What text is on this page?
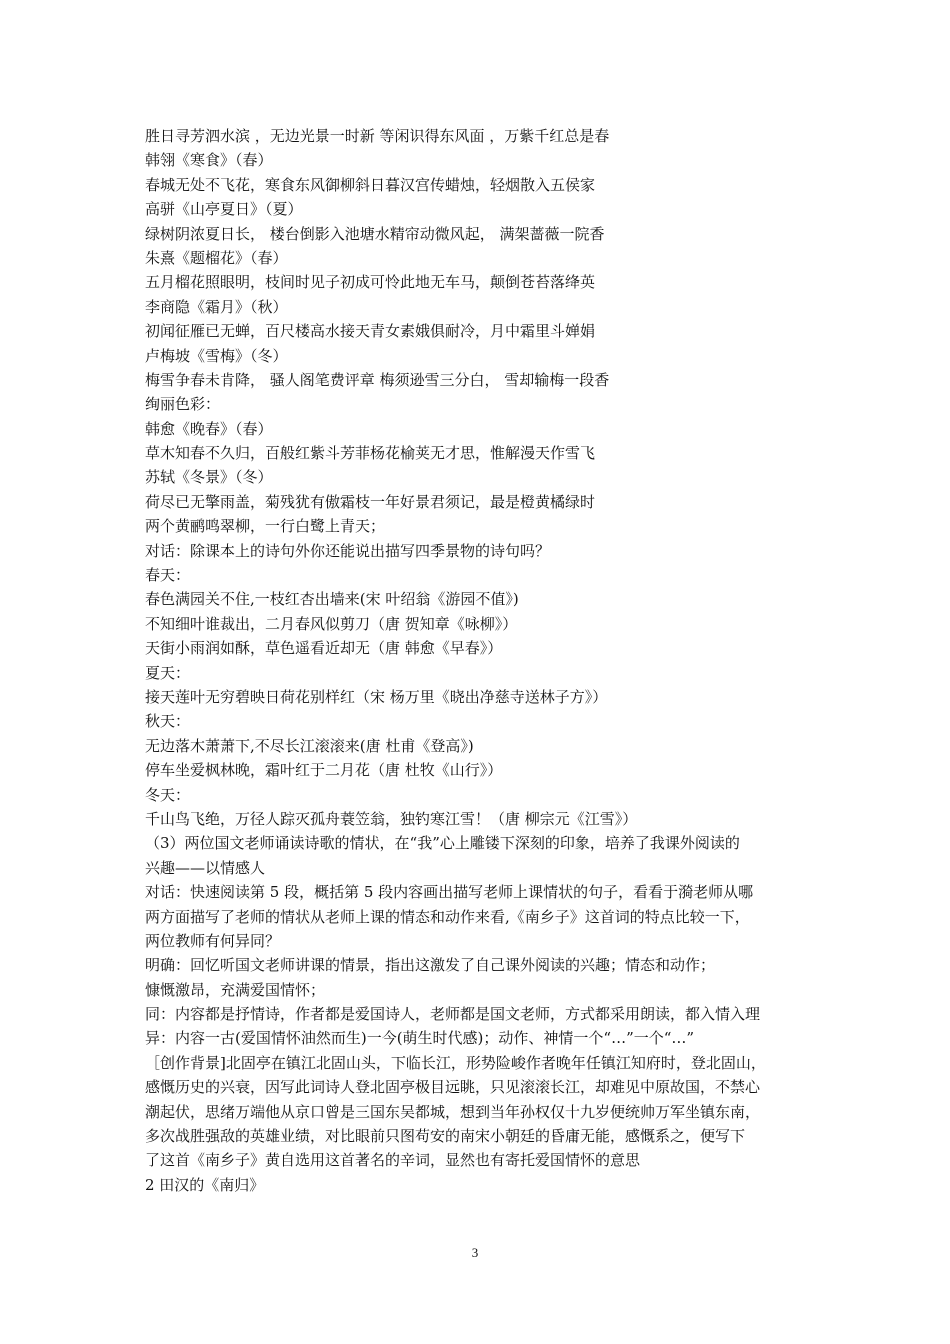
胜日寻芳泗水滨 ，无边光景一时新 等闲识得东风面 ，万紫千红总是春
韩翎《寒食》（春）
春城无处不飞花，寒食东风御柳斜日暮汉宫传蜡烛，轻烟散入五侯家
高骈《山亭夏日》（夏）
绿树阴浓夏日长， 楼台倒影入池塘水精帘动微风起， 满架蔷薇一院香
朱熹《题榴花》（春）
五月榴花照眼明，枝间时见子初成可怜此地无车马，颠倒苍苔落绛英
李商隐《霜月》（秋）
初闻征雁已无蝉，百尺楼高水接天青女素娥俱耐冷，月中霜里斗婵娟
卢梅坡《雪梅》（冬）
梅雪争春未肯降， 骚人阁笔费评章 梅须逊雪三分白， 雪却输梅一段香
绚丽色彩：
韩愈《晚春》（春）
草木知春不久归，百般红紫斗芳菲杨花榆荚无才思，惟解漫天作雪飞
苏轼《冬景》（冬）
荷尽已无擎雨盖，菊残犹有傲霜枝一年好景君须记，最是橙黄橘绿时
两个黄鹂鸣翠柳，一行白鹭上青天；
对话：除课本上的诗句外你还能说出描写四季景物的诗句吗？
春天：
春色满园关不住,一枝红杏出墙来(宋 叶绍翁《游园不值》)
不知细叶谁裁出，二月春风似剪刀（唐 贺知章《咏柳》）
天街小雨润如酥，草色遥看近却无（唐 韩愈《早春》）
夏天：
接天莲叶无穷碧映日荷花别样红（宋 杨万里《晓出净慈寺送林子方》）
秋天：
无边落木萧萧下,不尽长江滚滚来(唐 杜甫《登高》)
停车坐爱枫林晚，霜叶红于二月花（唐 杜牧《山行》）
冬天：
千山鸟飞绝，万径人踪灭孤舟蓑笠翁，独钓寒江雪！（唐 柳宗元《江雪》）
（3）两位国文老师诵读诗歌的情状，在“我”心上雕镂下深刻的印象，培养了我课外阅读的
兴趣——以情感人
对话：快速阅读第 5 段，概括第 5 段内容画出描写老师上课情状的句子，看看于漪老师从哪
两方面描写了老师的情状从老师上课的情态和动作来看,《南乡子》这首词的特点比较一下，
两位教师有何异同？
明确：回忆听国文老师讲课的情景，指出这激发了自己课外阅读的兴趣；情态和动作；
慷慨激昂，充满爱国情怀；
同：内容都是抒情诗，作者都是爱国诗人，老师都是国文老师，方式都采用朗读，都入情入理
异：内容一古(爱国情怀油然而生)一今(萌生时代感)；动作、神情一个“…”一个“…”
［创作背景]北固亭在镇江北固山头，下临长江，形势险峻作者晚年任镇江知府时，登北固山，
感慨历史的兴衰，因写此词诗人登北固亭极目远眺，只见滚滚长江，却难见中原故国，不禁心
潮起伏，思绪万端他从京口曾是三国东吴都城，想到当年孙权仅十九岁便统帅万军坐镇东南，
多次战胜强敌的英雄业绩，对比眼前只图苟安的南宋小朝廷的昏庸无能，感慨系之，便写下
了这首《南乡子》黄自选用这首著名的辛词，显然也有寄托爱国情怀的意思
2 田汉的《南归》
3
